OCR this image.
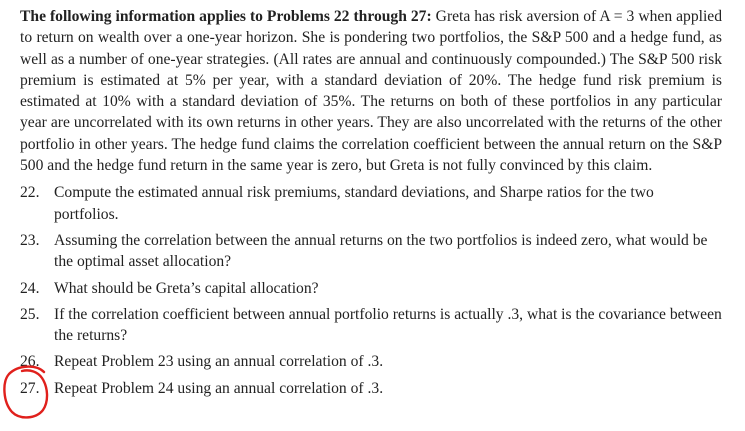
The following information applies to Problems 22 through 27: Greta has risk aversion of A = 3 when applied to return on wealth over a one-year horizon. She is pondering two portfolios, the S&P 500 and a hedge fund, as well as a number of one-year strategies. (All rates are annual and continuously compounded.) The S&P 500 risk premium is estimated at 5% per year, with a standard deviation of 20%. The hedge fund risk premium is estimated at 10% with a standard deviation of 35%. The returns on both of these portfolios in any particular year are uncorrelated with its own returns in other years. They are also uncorrelated with the returns of the other portfolio in other years. The hedge fund claims the correlation coefficient between the annual return on the S&P 500 and the hedge fund return in the same year is zero, but Greta is not fully convinced by this claim.

22. Compute the estimated annual risk premiums, standard deviations, and Sharpe ratios for the two portfolios.
23. Assuming the correlation between the annual returns on the two portfolios is indeed zero, what would be the optimal asset allocation?
24. What should be Greta’s capital allocation?
25. If the correlation coefficient between annual portfolio returns is actually .3, what is the covariance between the returns?
26. Repeat Problem 23 using an annual correlation of .3.
27. Repeat Problem 24 using an annual correlation of .3.
